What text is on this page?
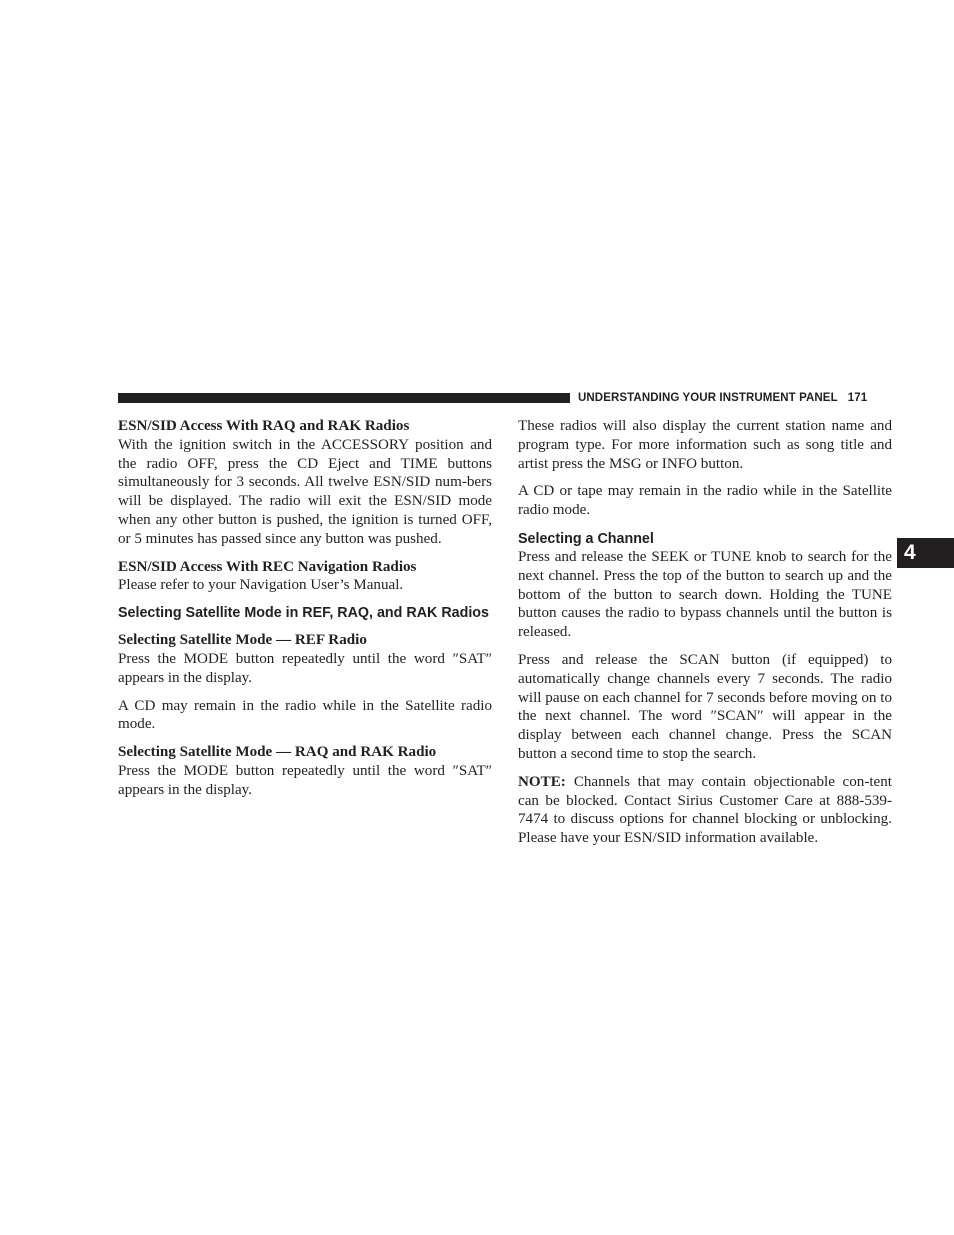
UNDERSTANDING YOUR INSTRUMENT PANEL 171
4

ESN/SID Access With RAQ and RAK Radios

With the ignition switch in the ACCESSORY position and the radio OFF, press the CD Eject and TIME buttons simultaneously for 3 seconds. All twelve ESN/SID num-bers will be displayed. The radio will exit the ESN/SID mode when any other button is pushed, the ignition is turned OFF, or 5 minutes has passed since any button was pushed.

ESN/SID Access With REC Navigation Radios

Please refer to your Navigation User’s Manual.

Selecting Satellite Mode in REF, RAQ, and RAK Radios

Selecting Satellite Mode — REF Radio

Press the MODE button repeatedly until the word ″SAT″ appears in the display.

A CD may remain in the radio while in the Satellite radio mode.

Selecting Satellite Mode — RAQ and RAK Radio

Press the MODE button repeatedly until the word ″SAT″ appears in the display.

These radios will also display the current station name and program type. For more information such as song title and artist press the MSG or INFO button.

A CD or tape may remain in the radio while in the Satellite radio mode.

Selecting a Channel

Press and release the SEEK or TUNE knob to search for the next channel. Press the top of the button to search up and the bottom of the button to search down. Holding the TUNE button causes the radio to bypass channels until the button is released.

Press and release the SCAN button (if equipped) to automatically change channels every 7 seconds. The radio will pause on each channel for 7 seconds before moving on to the next channel. The word ″SCAN″ will appear in the display between each channel change. Press the SCAN button a second time to stop the search.

NOTE: Channels that may contain objectionable con-tent can be blocked. Contact Sirius Customer Care at 888-539-7474 to discuss options for channel blocking or unblocking. Please have your ESN/SID information available.
